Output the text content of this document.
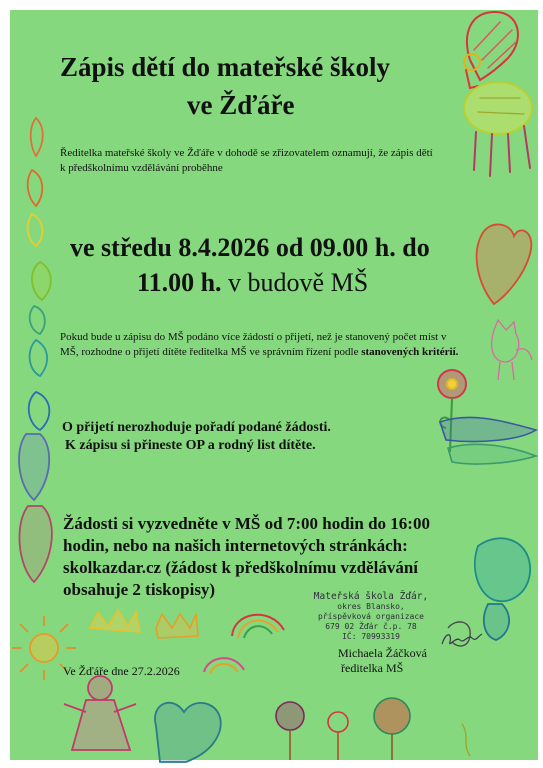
Zápis dětí do mateřské školy
ve Žďáře
Ředitelka mateřské školy ve Žďáře v dohodě se zřizovatelem oznamují, že zápis dětí
k předškolnímu vzdělávání proběhne
ve středu 8.4.2026 od 09.00 h. do
11.00 h. v budově MŠ
Pokud bude u zápisu do MŠ podáno více žádostí o přijetí, než je stanovený počet míst v
MŠ, rozhodne o přijetí dítěte ředitelka MŠ ve správním řízení podle stanovených kritérií.
O přijetí nerozhoduje pořadí podané žádosti.
K zápisu si přineste OP a rodný list dítěte.
Žádosti si vyzvedněte v MŠ od 7:00 hodin do 16:00
hodin, nebo na našich internetových stránkách:
skolkazdar.cz (žádost k předškolnímu vzdělávání
obsahuje 2 tiskopisy)	Mateřská škola Žďár,
okres Blansko,
příspěvková organizace
679 02 Žďár č.p. 78
IČ: 70993319
Michaela Žáčková
ředitelka MŠ
Ve Žďáře dne 27.2.2026
